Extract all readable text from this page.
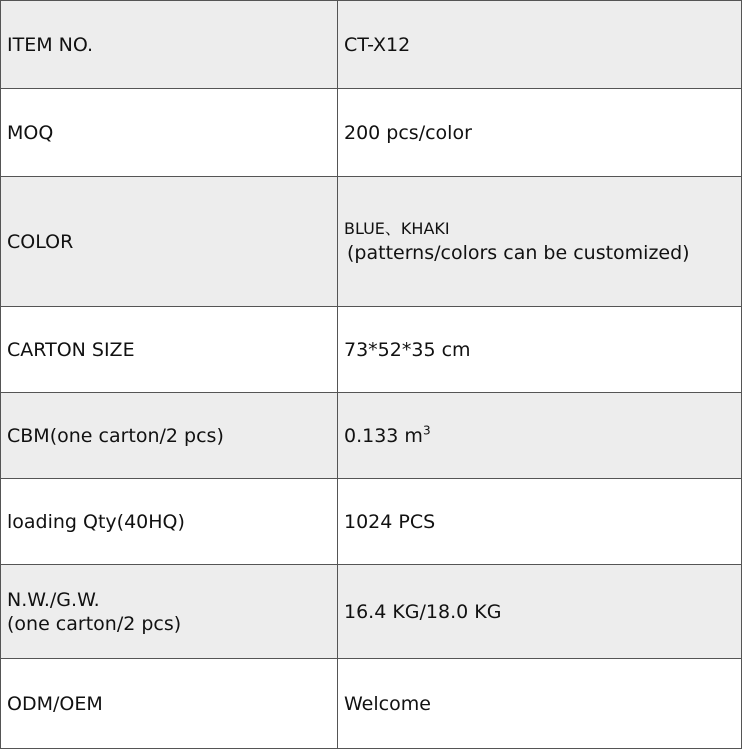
ITEM NO.	CT-X12
MOQ	200 pcs/color
COLOR	BLUE、KHAKI
(patterns/colors can be customized)

CARTON SIZE	73*52*35 cm
CBM(one carton/2 pcs)	0.133 $m^3$
loading Qty(40HQ)	1024 PCS

N.W./G.W.
(one carton/2 pcs)	16.4 KG/18.0 KG
ODM/OEM	Welcome
